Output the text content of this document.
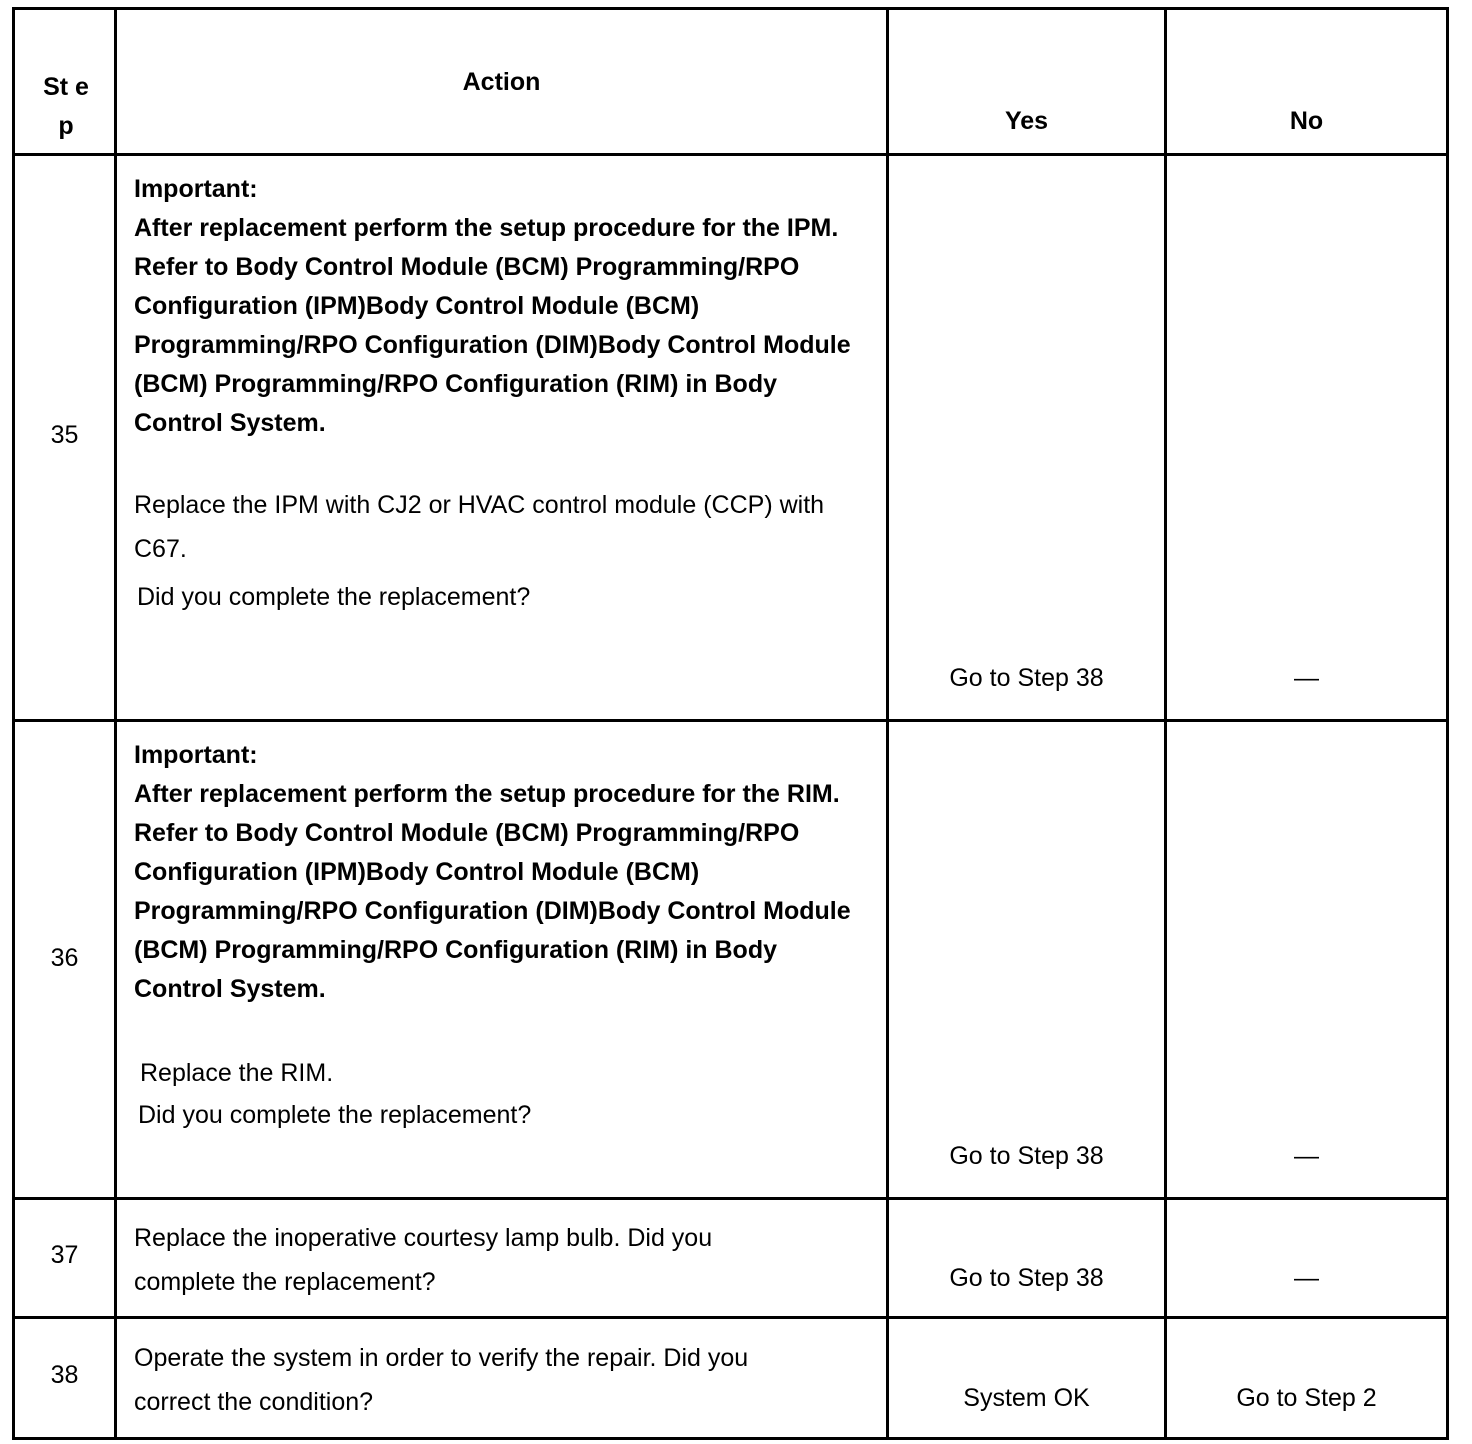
St ep	Action	Yes	No

35	Important:
After replacement perform the setup procedure for the IPM. Refer to Body Control Module (BCM) Programming/RPO Configuration (IPM)Body Control Module (BCM) Programming/RPO Configuration (DIM)Body Control Module (BCM) Programming/RPO Configuration (RIM) in Body Control System.
Replace the IPM with CJ2 or HVAC control module (CCP) with C67.
Did you complete the replacement?	Go to Step 38	—

36	Important:
After replacement perform the setup procedure for the RIM. Refer to Body Control Module (BCM) Programming/RPO Configuration (IPM)Body Control Module (BCM) Programming/RPO Configuration (DIM)Body Control Module (BCM) Programming/RPO Configuration (RIM) in Body Control System.
Replace the RIM.
Did you complete the replacement?	Go to Step 38	—

37	Replace the inoperative courtesy lamp bulb. Did you complete the replacement?	Go to Step 38	—

38	Operate the system in order to verify the repair. Did you correct the condition?	System OK	Go to Step 2
